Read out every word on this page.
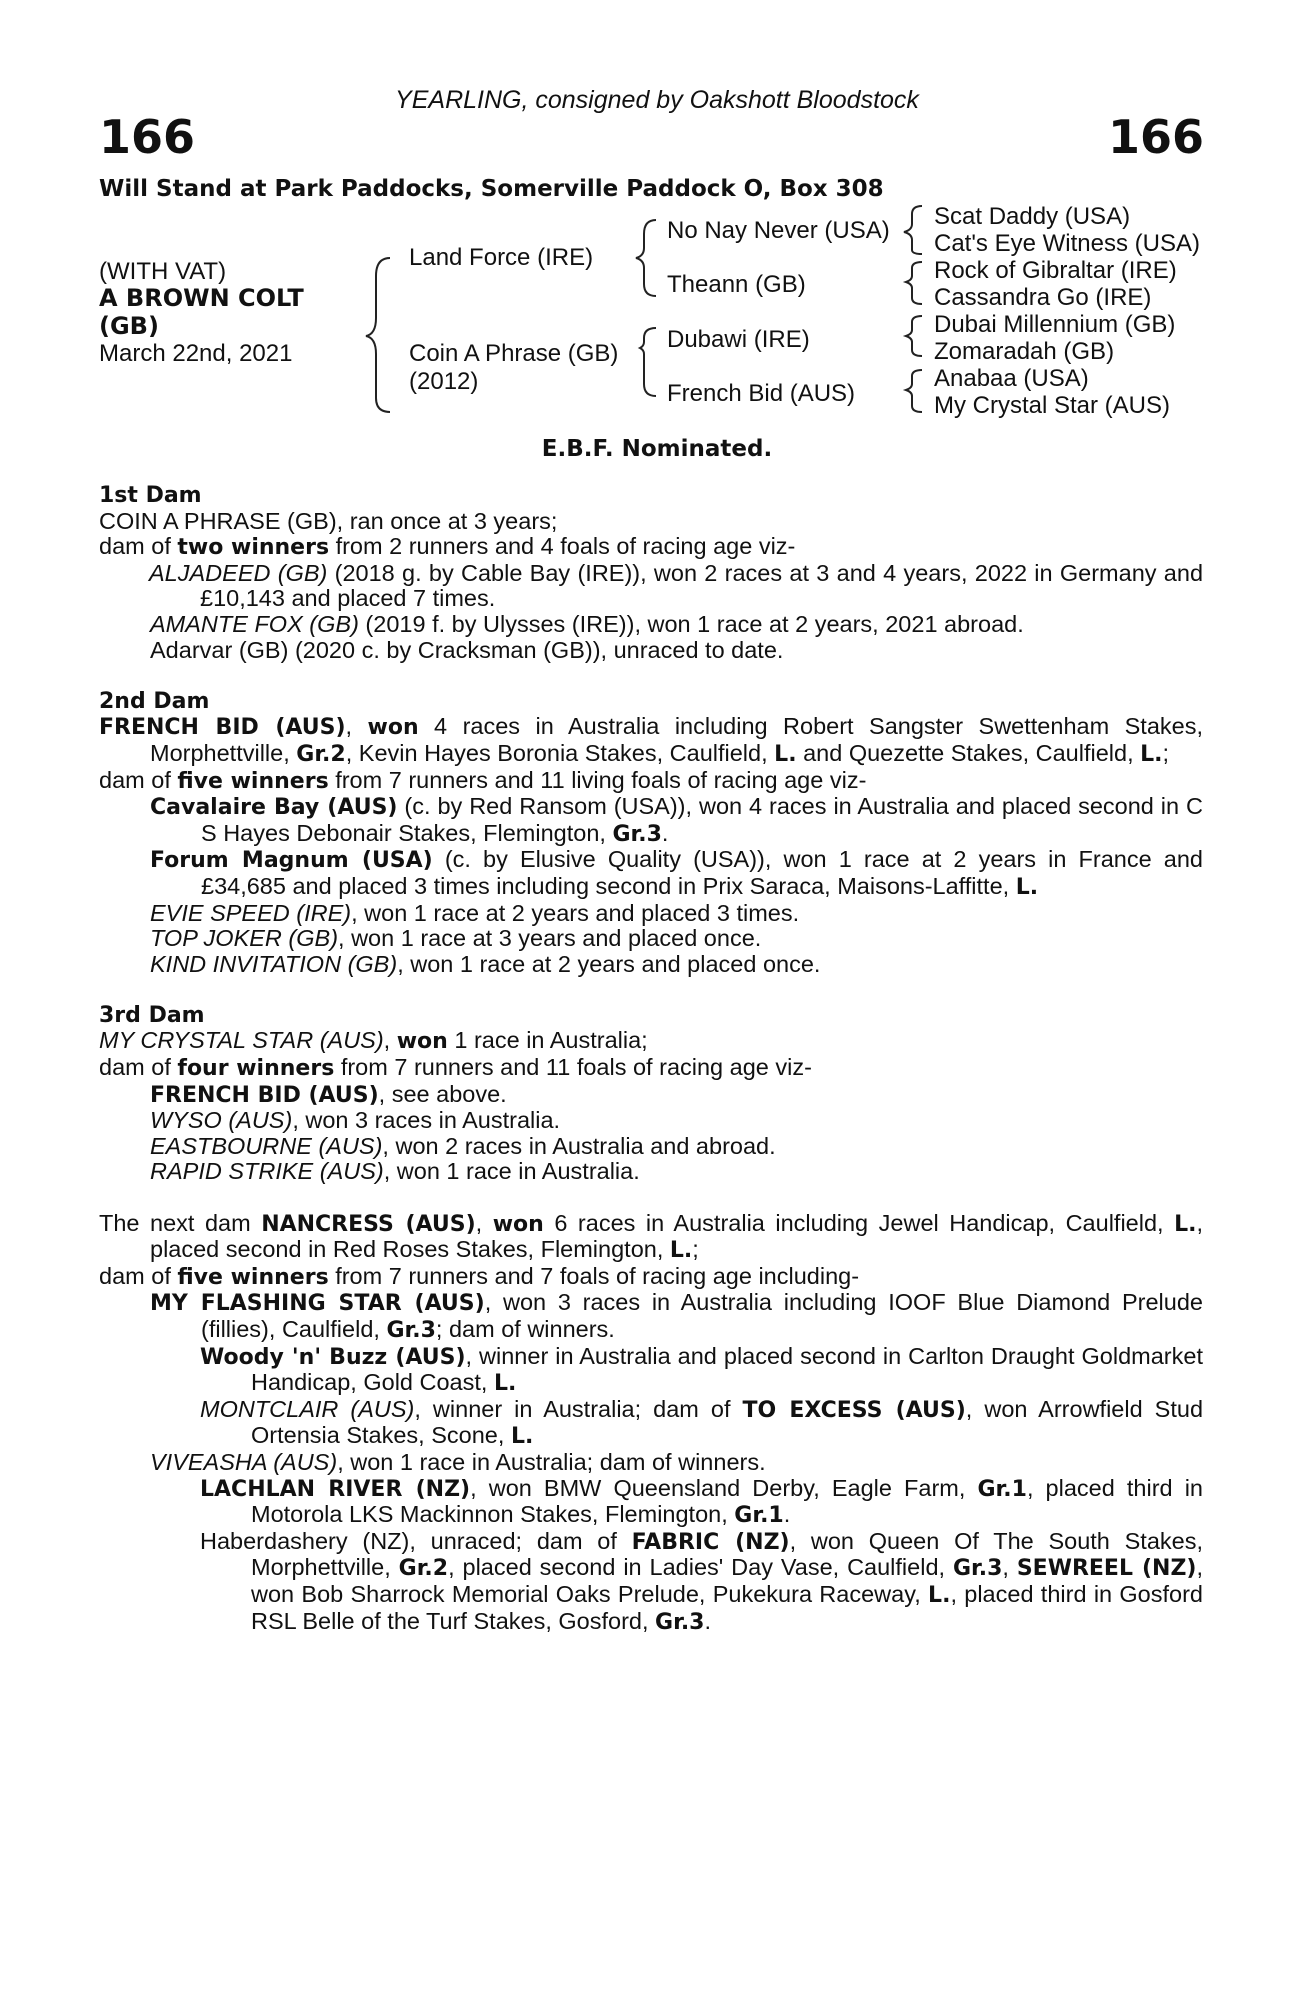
YEARLING, consigned by Oakshott Bloodstock
166	166
Will Stand at Park Paddocks, Somerville Paddock O, Box 308
(WITH VAT)
A BROWN COLT
(GB)
March 22nd, 2021
Land Force (IRE)
Coin A Phrase (GB)
(2012)
No Nay Never (USA)
Theann (GB)
Dubawi (IRE)
French Bid (AUS)
Scat Daddy (USA)
Cat's Eye Witness (USA)
Rock of Gibraltar (IRE)
Cassandra Go (IRE)
Dubai Millennium (GB)
Zomaradah (GB)
Anabaa (USA)
My Crystal Star (AUS)
E.B.F. Nominated.

1st Dam

COIN A PHRASE (GB), ran once at 3 years;

dam of two winners from 2 runners and 4 foals of racing age viz-

ALJADEED (GB) (2018 g. by Cable Bay (IRE)), won 2 races at 3 and 4 years, 2022 in Germany and £10,143 and placed 7 times.

AMANTE FOX (GB) (2019 f. by Ulysses (IRE)), won 1 race at 2 years, 2021 abroad.

Adarvar (GB) (2020 c. by Cracksman (GB)), unraced to date.

2nd Dam

FRENCH BID (AUS), won 4 races in Australia including Robert Sangster Swettenham Stakes, Morphettville, Gr.2, Kevin Hayes Boronia Stakes, Caulfield, L. and Quezette Stakes, Caulfield, L.;

dam of five winners from 7 runners and 11 living foals of racing age viz-

Cavalaire Bay (AUS) (c. by Red Ransom (USA)), won 4 races in Australia and placed second in C S Hayes Debonair Stakes, Flemington, Gr.3.

Forum Magnum (USA) (c. by Elusive Quality (USA)), won 1 race at 2 years in France and £34,685 and placed 3 times including second in Prix Saraca, Maisons-Laffitte, L.

EVIE SPEED (IRE), won 1 race at 2 years and placed 3 times.

TOP JOKER (GB), won 1 race at 3 years and placed once.

KIND INVITATION (GB), won 1 race at 2 years and placed once.

3rd Dam

MY CRYSTAL STAR (AUS), won 1 race in Australia;

dam of four winners from 7 runners and 11 foals of racing age viz-

FRENCH BID (AUS), see above.

WYSO (AUS), won 3 races in Australia.

EASTBOURNE (AUS), won 2 races in Australia and abroad.

RAPID STRIKE (AUS), won 1 race in Australia.

The next dam NANCRESS (AUS), won 6 races in Australia including Jewel Handicap, Caulfield, L., placed second in Red Roses Stakes, Flemington, L.;

dam of five winners from 7 runners and 7 foals of racing age including-

MY FLASHING STAR (AUS), won 3 races in Australia including IOOF Blue Diamond Prelude (fillies), Caulfield, Gr.3; dam of winners.

Woody 'n' Buzz (AUS), winner in Australia and placed second in Carlton Draught Goldmarket Handicap, Gold Coast, L.

MONTCLAIR (AUS), winner in Australia; dam of TO EXCESS (AUS), won Arrowfield Stud Ortensia Stakes, Scone, L.

VIVEASHA (AUS), won 1 race in Australia; dam of winners.

LACHLAN RIVER (NZ), won BMW Queensland Derby, Eagle Farm, Gr.1, placed third in Motorola LKS Mackinnon Stakes, Flemington, Gr.1.

Haberdashery (NZ), unraced; dam of FABRIC (NZ), won Queen Of The South Stakes, Morphettville, Gr.2, placed second in Ladies' Day Vase, Caulfield, Gr.3, SEWREEL (NZ), won Bob Sharrock Memorial Oaks Prelude, Pukekura Raceway, L., placed third in Gosford RSL Belle of the Turf Stakes, Gosford, Gr.3.
